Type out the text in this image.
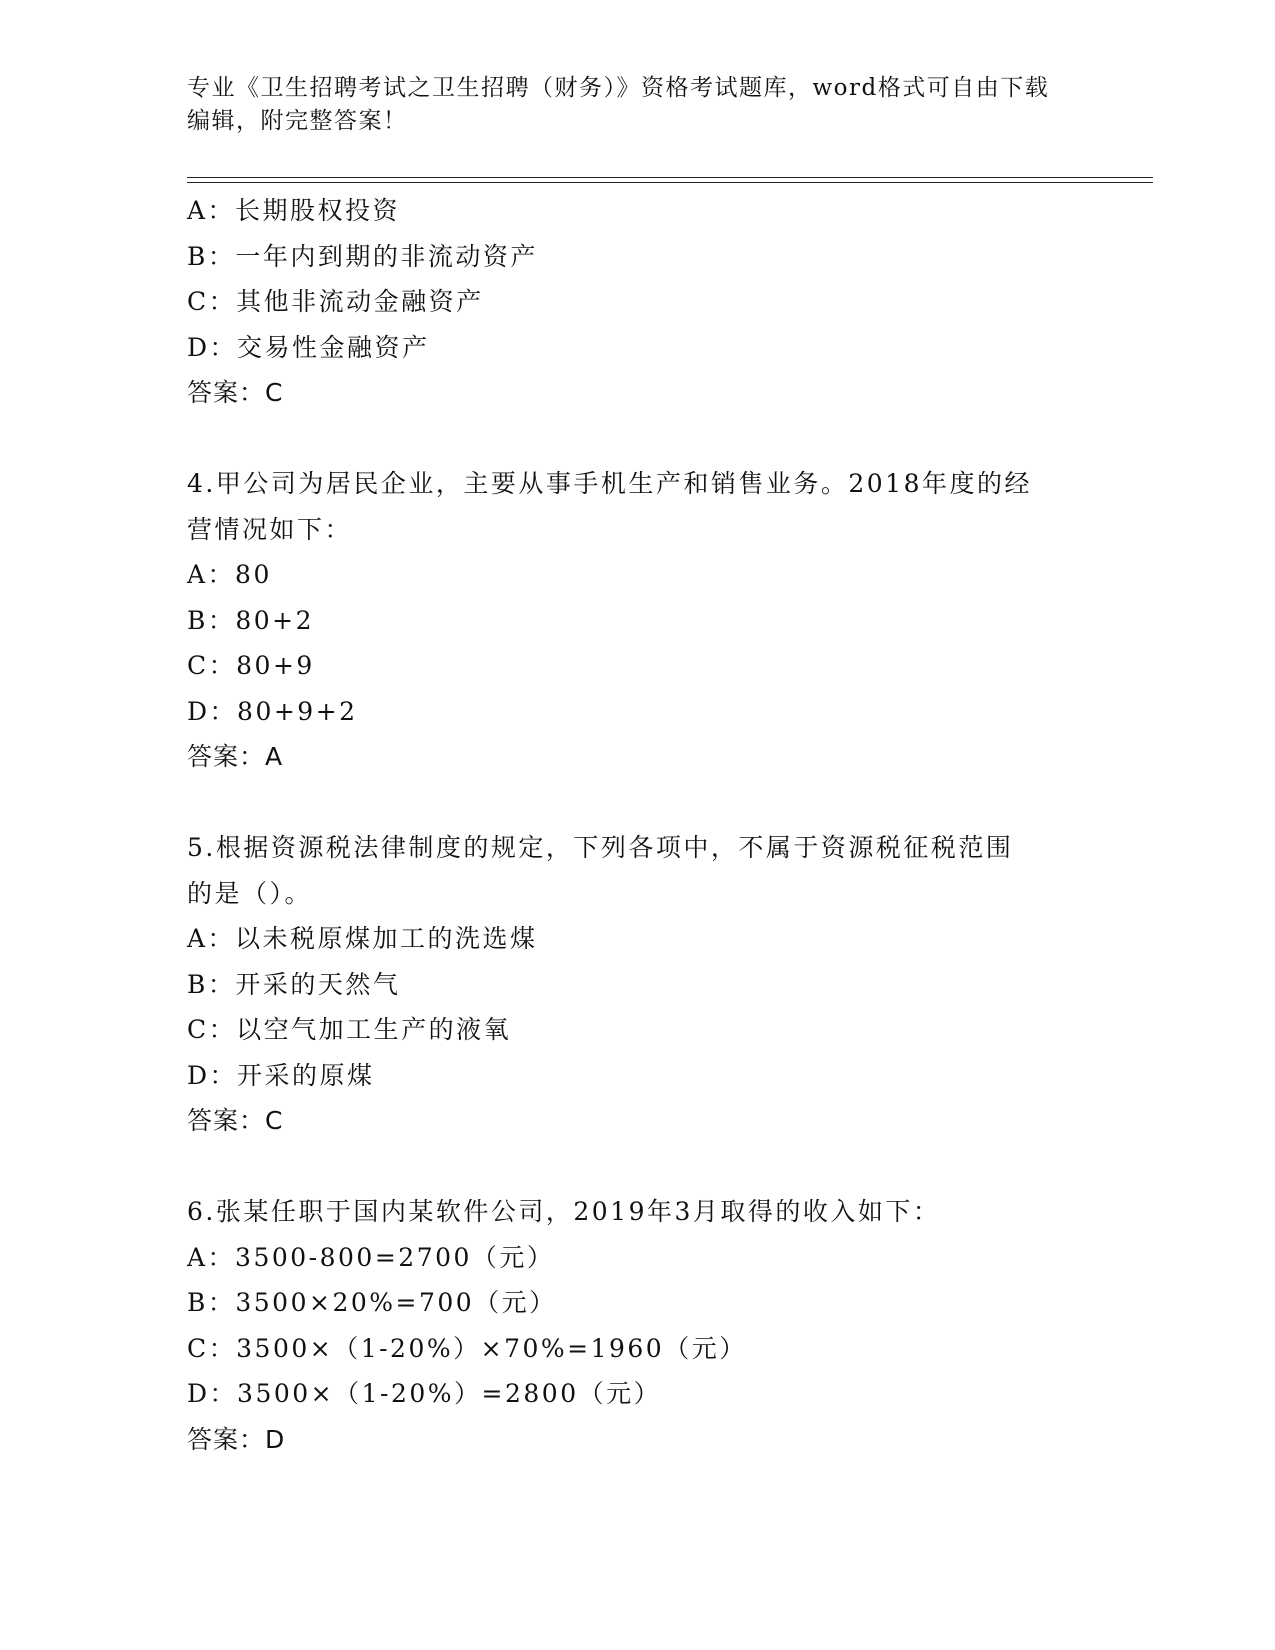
专业《卫生招聘考试之卫生招聘（财务）》资格考试题库，word格式可自由下载
编辑，附完整答案！
A：长期股权投资
B：一年内到期的非流动资产
C：其他非流动金融资产
D：交易性金融资产
答案：C
4.甲公司为居民企业，主要从事手机生产和销售业务。2018年度的经
营情况如下：
A：80
B：80+2
C：80+9
D：80+9+2
答案：A
5.根据资源税法律制度的规定，下列各项中，不属于资源税征税范围
的是（）。
A：以未税原煤加工的洗选煤
B：开采的天然气
C：以空气加工生产的液氧
D：开采的原煤
答案：C
6.张某任职于国内某软件公司，2019年3月取得的收入如下：
A：3500-800=2700（元）
B：3500×20%=700（元）
C：3500×（1-20%）×70%=1960（元）
D：3500×（1-20%）=2800（元）
答案：D
